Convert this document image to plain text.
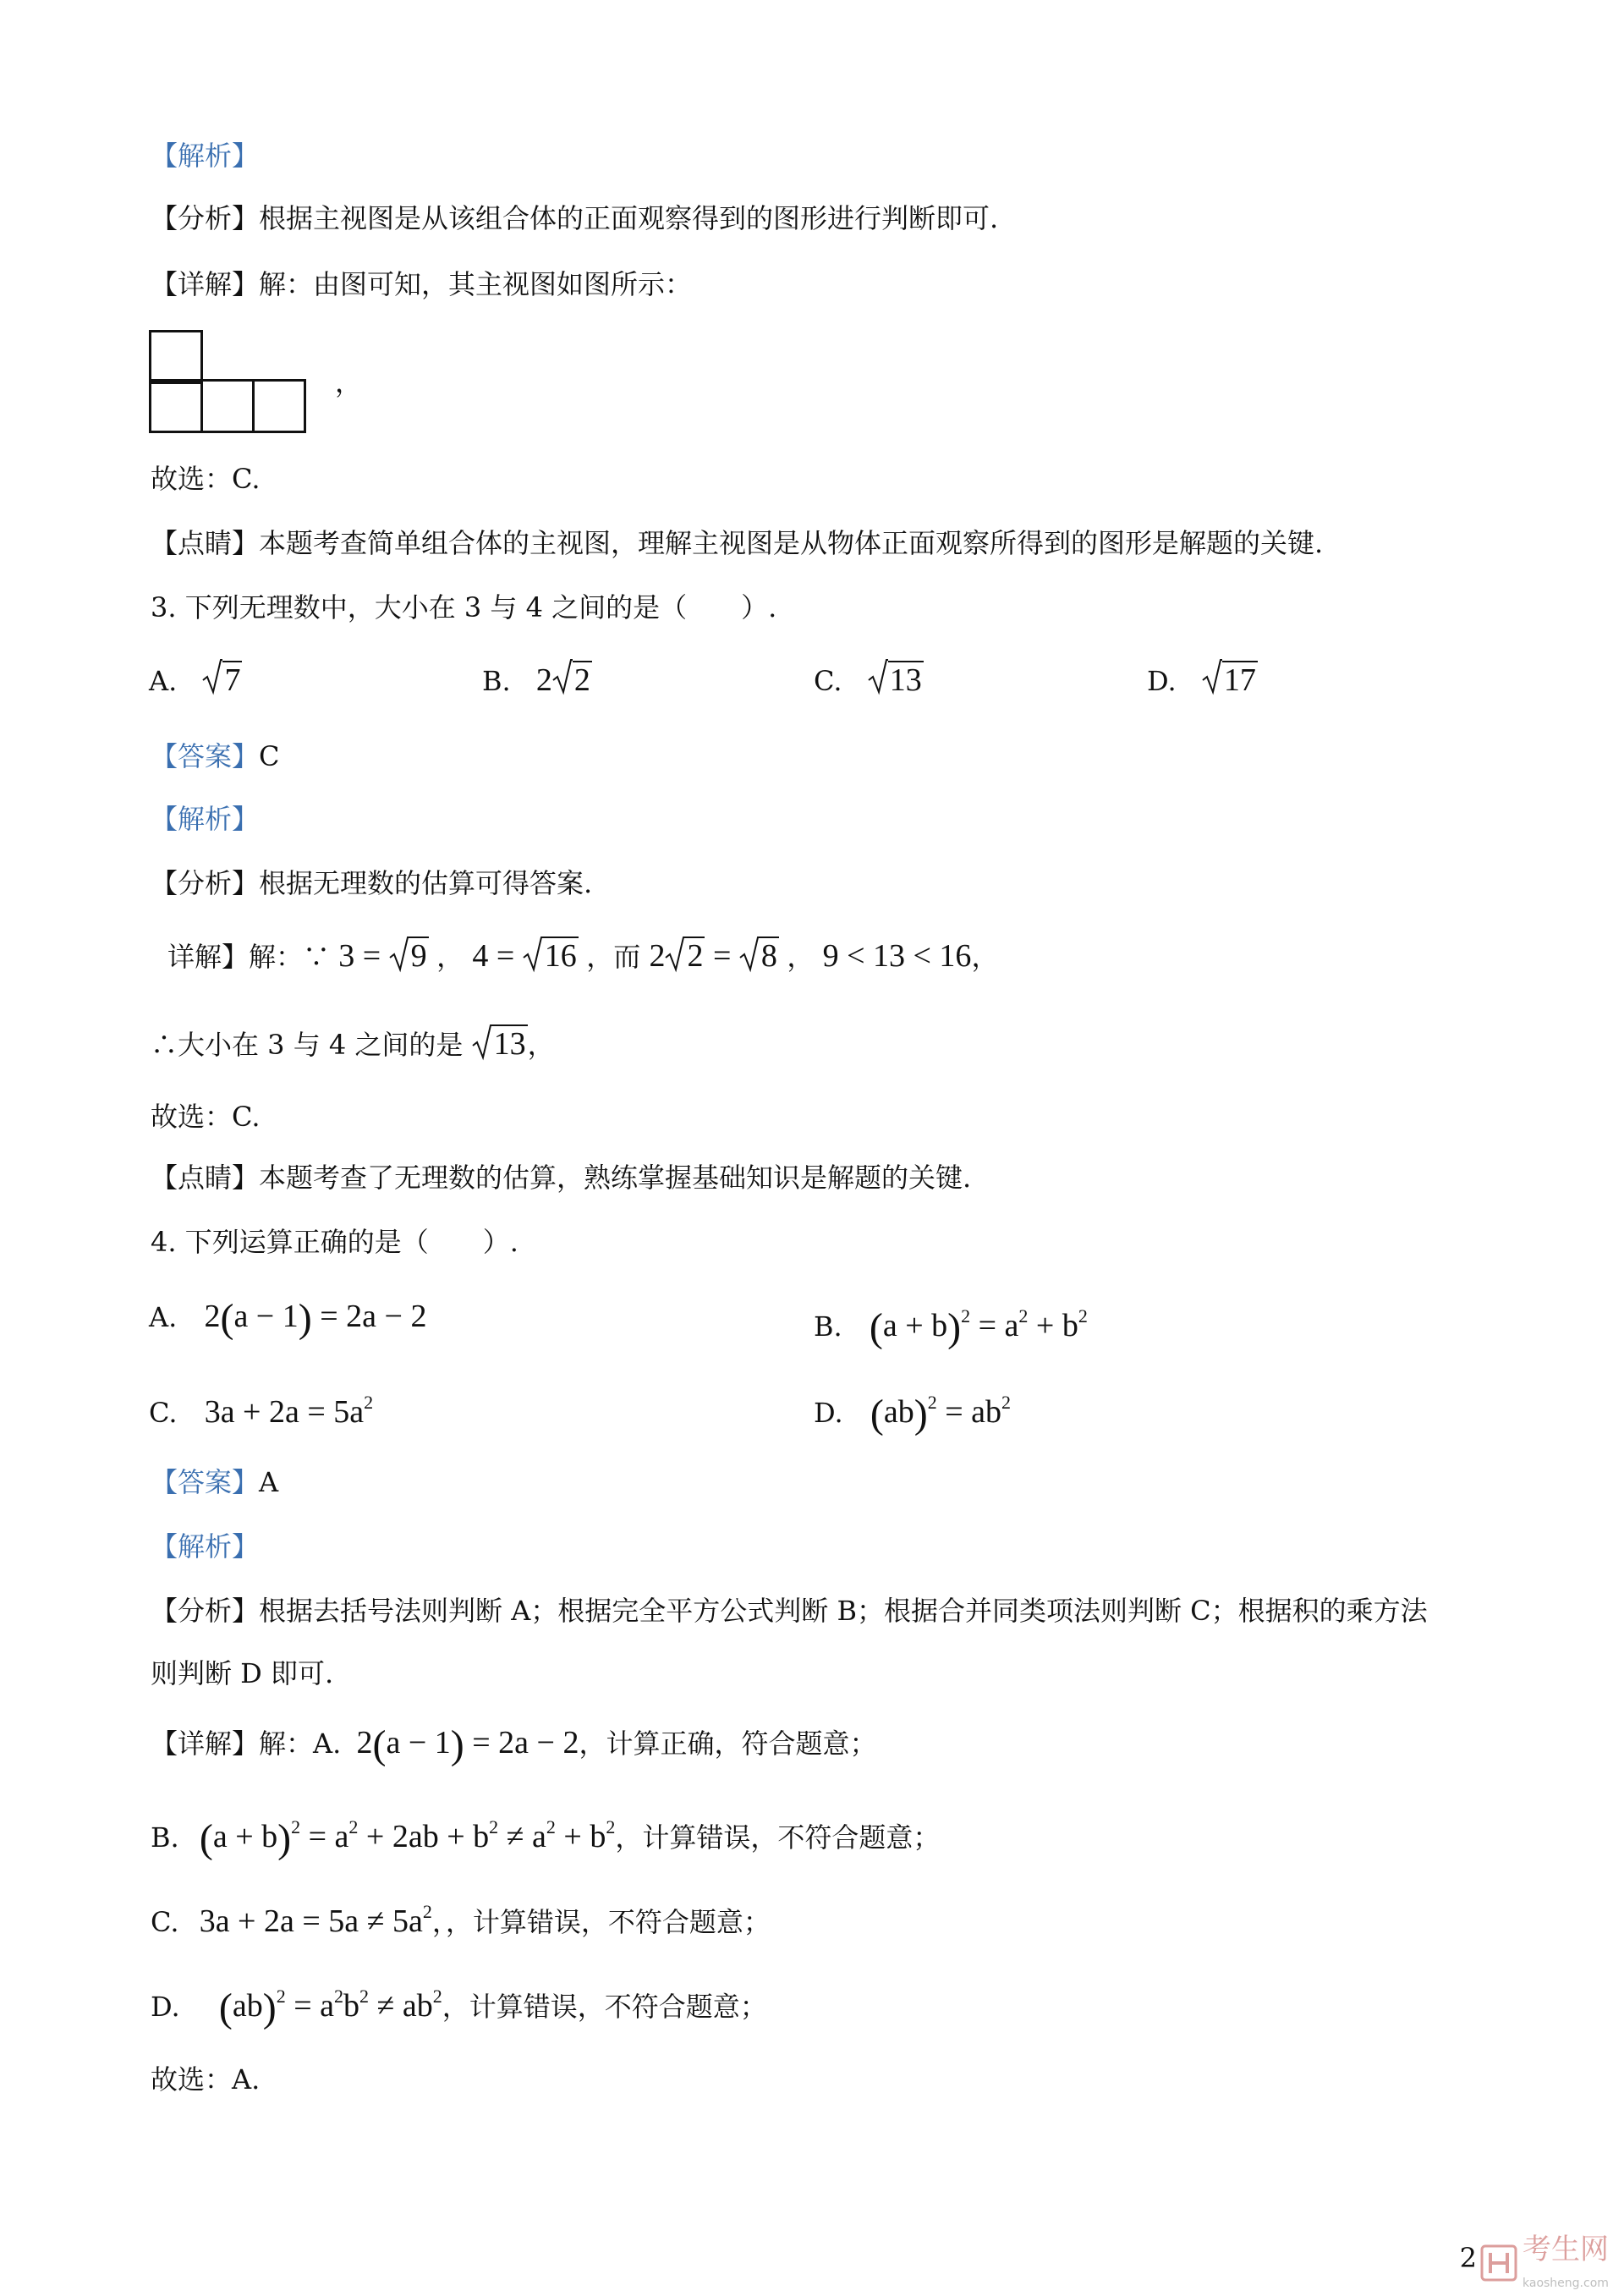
【解析】
【分析】根据主视图是从该组合体的正面观察得到的图形进行判断即可.
【详解】解：由图可知，其主视图如图所示：
，
故选：C.
【点睛】本题考查简单组合体的主视图，理解主视图是从物体正面观察所得到的图形是解题的关键.
3. 下列无理数中，大小在 3 与 4 之间的是（　　）.
A. 7	B. 2 2	C. 13	D. 17
【答案】C
【解析】
【分析】根据无理数的估算可得答案.
详解】解：∵ 3 =
9 ， 4 =
16 ，而 2 2 =
8 ， 9 < 13 < 16，
∴大小在 3 与 4 之间的是 13，
故选：C.
【点睛】本题考查了无理数的估算，熟练掌握基础知识是解题的关键.
4. 下列运算正确的是（　　）.
A. 2(a − 1) = 2a − 2	B. $(a + b)^2 = a^2 + b^2$
C. $3a + 2a = 5a^2$	D. $(ab)^2 = ab^2$
【答案】A
【解析】
【分析】根据去括号法则判断 A；根据完全平方公式判断 B；根据合并同类项法则判断 C；根据积的乘方法
则判断 D 即可.
【详解】解：A. 2(a − 1) = 2a − 2，计算正确，符合题意；
B. $(a + b)^2 = a^2 + 2ab + b^2 \ne a^2 + b^2$，计算错误，不符合题意；
C. $3a + 2a = 5a \ne 5a^2$，，计算错误，不符合题意；
D. $(ab)^2 = a^2b^2 \ne ab^2$，计算错误，不符合题意；
故选：A.
2 考生网
kaosheng.com
